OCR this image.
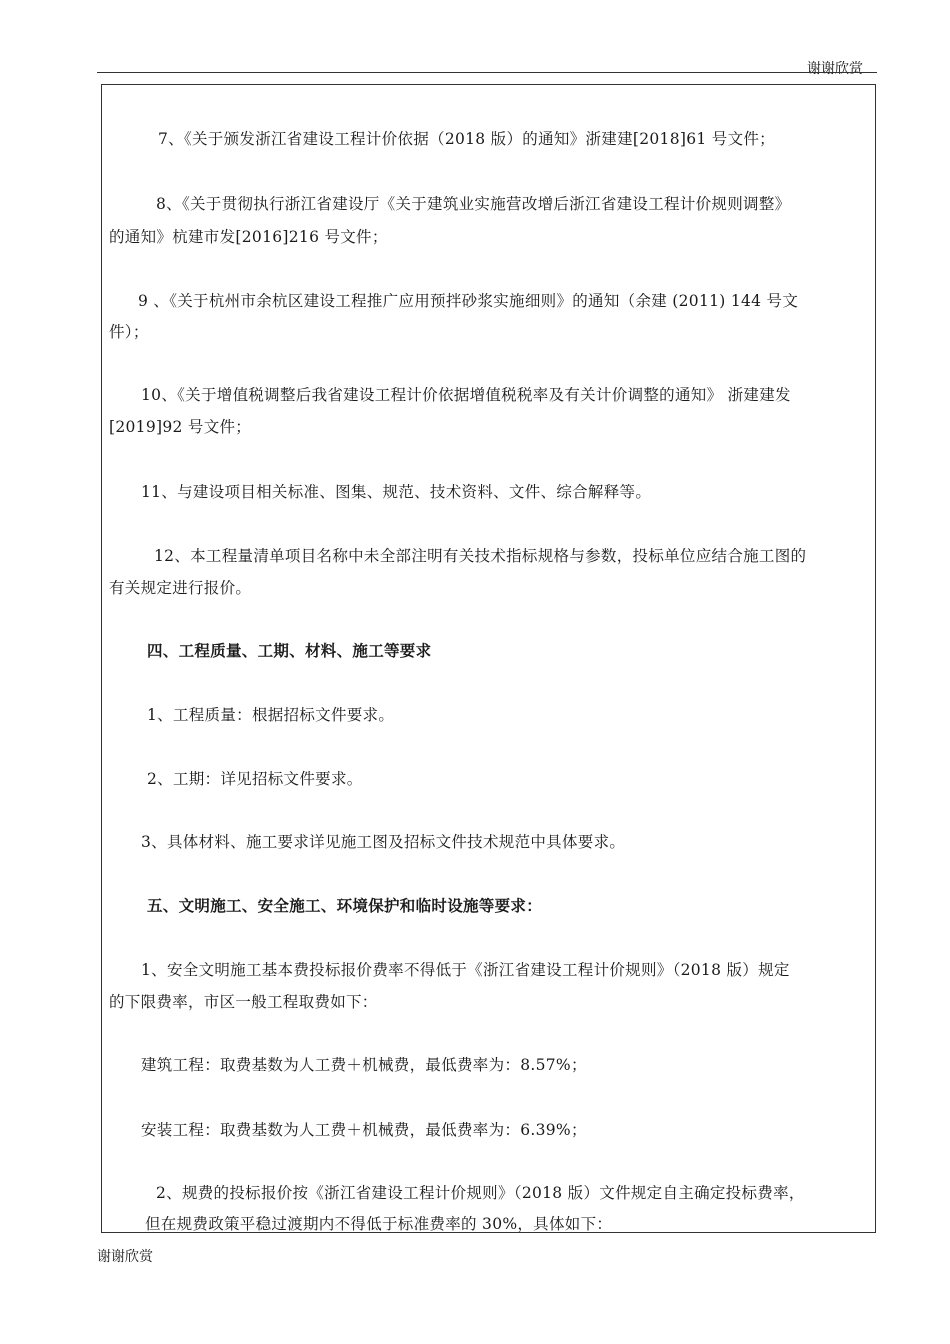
谢谢欣赏
7、《关于颁发浙江省建设工程计价依据（2018 版）的通知》浙建建[2018]61 号文件；
8、《关于贯彻执行浙江省建设厅《关于建筑业实施营改增后浙江省建设工程计价规则调整》
的通知》杭建市发[2016]216 号文件；
9 、《关于杭州市余杭区建设工程推广应用预拌砂浆实施细则》的通知（余建 (2011) 144 号文
件）；
10、《关于增值税调整后我省建设工程计价依据增值税税率及有关计价调整的通知》 浙建建发
[2019]92 号文件；
11、与建设项目相关标准、图集、规范、技术资料、文件、综合解释等。
12、本工程量清单项目名称中未全部注明有关技术指标规格与参数，投标单位应结合施工图的
有关规定进行报价。
四、工程质量、工期、材料、施工等要求
1、工程质量：根据招标文件要求。
2、工期：详见招标文件要求。
3、具体材料、施工要求详见施工图及招标文件技术规范中具体要求。
五、文明施工、安全施工、环境保护和临时设施等要求：
1、安全文明施工基本费投标报价费率不得低于《浙江省建设工程计价规则》（2018 版）规定
的下限费率，市区一般工程取费如下：
建筑工程：取费基数为人工费＋机械费，最低费率为：8.57%；
安装工程：取费基数为人工费＋机械费，最低费率为：6.39%；
2、规费的投标报价按《浙江省建设工程计价规则》（2018 版）文件规定自主确定投标费率，
但在规费政策平稳过渡期内不得低于标准费率的 30%，具体如下：
谢谢欣赏
